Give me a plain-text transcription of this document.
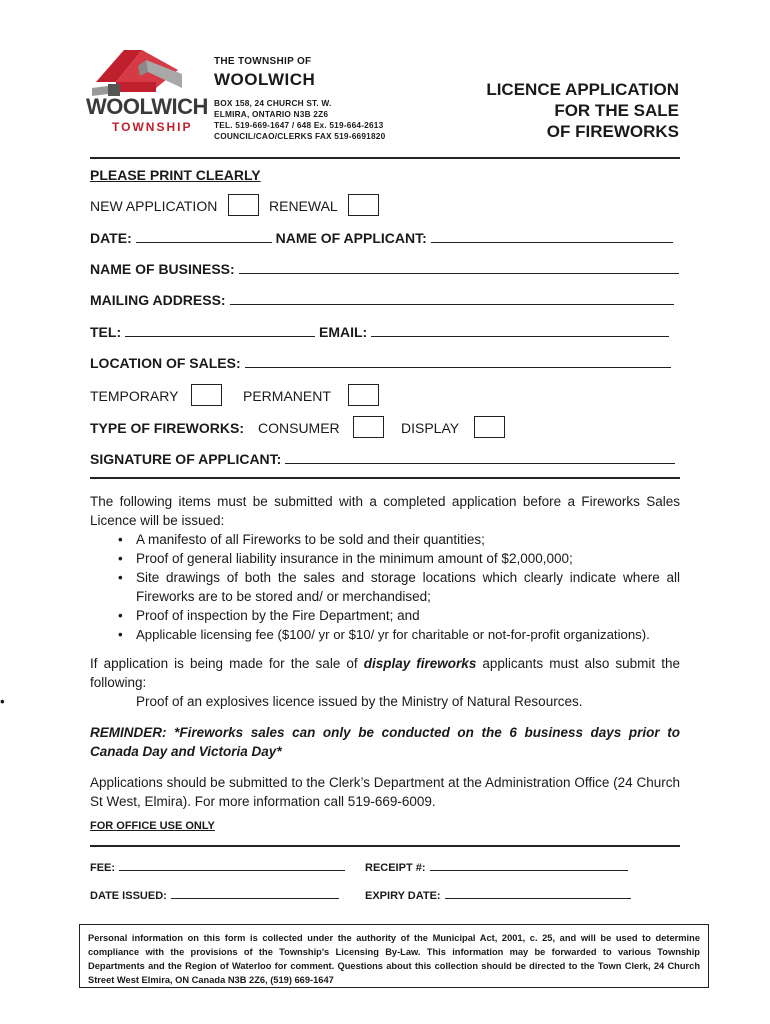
WOOLWICH
TOWNSHIP
THE TOWNSHIP OF
WOOLWICH
BOX 158, 24 CHURCH ST. W.
ELMIRA, ONTARIO N3B 2Z6
TEL. 519-669-1647 / 648 Ex. 519-664-2613
COUNCIL/CAO/CLERKS FAX 519-6691820
LICENCE APPLICATION
FOR THE SALE
OF FIREWORKS
PLEASE PRINT CLEARLY
NEW APPLICATION	RENEWAL
DATE:	NAME OF APPLICANT:
NAME OF BUSINESS:
MAILING ADDRESS:
TEL:	EMAIL:
LOCATION OF SALES:
TEMPORARY	PERMANENT
TYPE OF FIREWORKS: CONSUMER	DISPLAY
SIGNATURE OF APPLICANT:
The following items must be submitted with a completed application before a Fireworks Sales Licence will be issued:
• A manifesto of all Fireworks to be sold and their quantities;
• Proof of general liability insurance in the minimum amount of $2,000,000;
• Site drawings of both the sales and storage locations which clearly indicate where all Fireworks are to be stored and/ or merchandised;
• Proof of inspection by the Fire Department; and
• Applicable licensing fee ($100/ yr or $10/ yr for charitable or not-for-profit organizations).
If application is being made for the sale of display fireworks applicants must also submit the following:
•	Proof of an explosives licence issued by the Ministry of Natural Resources.
REMINDER: *Fireworks sales can only be conducted on the 6 business days prior to Canada Day and Victoria Day*
Applications should be submitted to the Clerk’s Department at the Administration Office (24 Church St West, Elmira). For more information call 519-669-6009.
FOR OFFICE USE ONLY
FEE:	RECEIPT #:
DATE ISSUED:	EXPIRY DATE:
Personal information on this form is collected under the authority of the Municipal Act, 2001, c. 25, and will be used to determine compliance with the provisions of the Township's Licensing By-Law. This information may be forwarded to various Township Departments and the Region of Waterloo for comment. Questions about this collection should be directed to the Town Clerk, 24 Church Street West Elmira, ON Canada N3B 2Z6, (519) 669-1647
